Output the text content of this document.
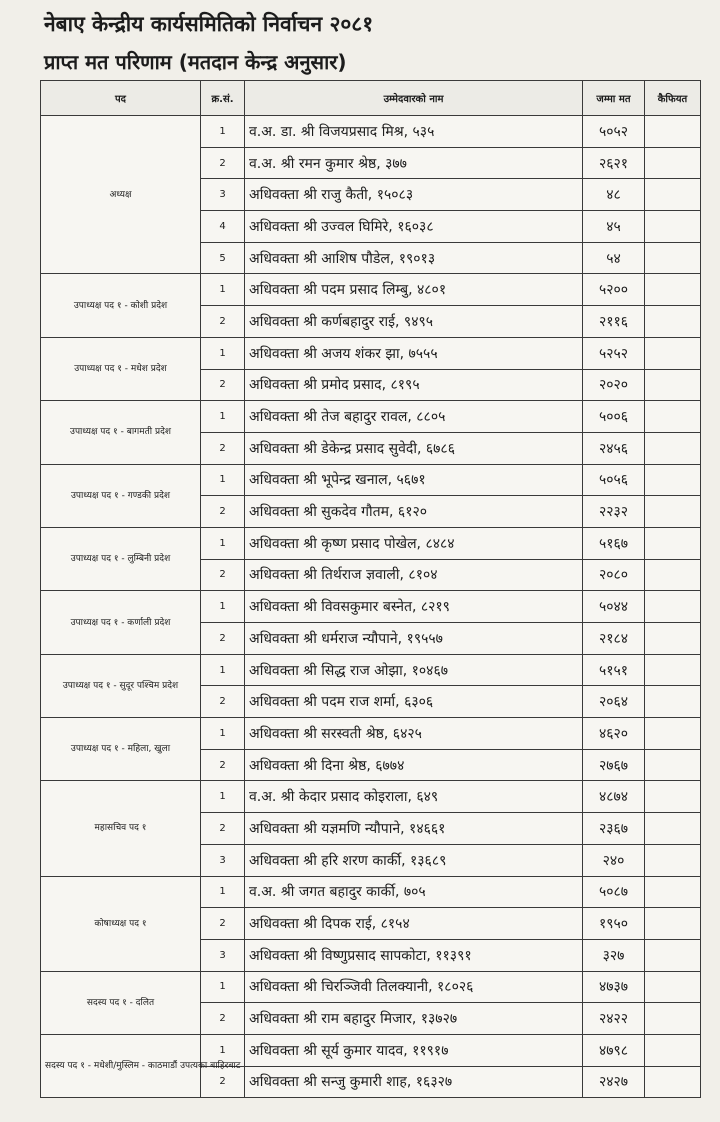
नेबाए केन्द्रीय कार्यसमितिको निर्वाचन २०८१
प्राप्त मत परिणाम (मतदान केन्द्र अनुसार)
पद	क्र.सं.	उम्मेदवारको नाम	जम्मा मत	कैफियत
अध्यक्ष	1	व.अ. डा. श्री विजयप्रसाद मिश्र, ५३५	५०५२	
	2	व.अ. श्री रमन कुमार श्रेष्ठ, ३७७	२६२१	
	3	अधिवक्ता श्री राजु कैती, १५०८३	४८	
	4	अधिवक्ता श्री उज्वल घिमिरे, १६०३८	४५	
	5	अधिवक्ता श्री आशिष पौडेल, १९०१३	५४	
उपाध्यक्ष पद १ - कोशी प्रदेश	1	अधिवक्ता श्री पदम प्रसाद लिम्बु, ४८०१	५२००	
	2	अधिवक्ता श्री कर्णबहादुर राई, ९४९५	२११६	
उपाध्यक्ष पद १ - मधेश प्रदेश	1	अधिवक्ता श्री अजय शंकर झा, ७५५५	५२५२	
	2	अधिवक्ता श्री प्रमोद प्रसाद, ८१९५	२०२०	
उपाध्यक्ष पद १ - बागमती प्रदेश	1	अधिवक्ता श्री तेज बहादुर रावल, ८८०५	५००६	
	2	अधिवक्ता श्री डेकेन्द्र प्रसाद सुवेदी, ६७८६	२४५६	
उपाध्यक्ष पद १ - गण्डकी प्रदेश	1	अधिवक्ता श्री भूपेन्द्र खनाल, ५६७१	५०५६	
	2	अधिवक्ता श्री सुकदेव गौतम, ६१२०	२२३२	
उपाध्यक्ष पद १ - लुम्बिनी प्रदेश	1	अधिवक्ता श्री कृष्ण प्रसाद पोखेल, ८४८४	५१६७	
	2	अधिवक्ता श्री तिर्थराज ज्ञवाली, ८१०४	२०८०	
उपाध्यक्ष पद १ - कर्णाली प्रदेश	1	अधिवक्ता श्री विवसकुमार बस्नेत, ८२१९	५०४४	
	2	अधिवक्ता श्री धर्मराज न्यौपाने, १९५५७	२१८४	
उपाध्यक्ष पद १ - सुदूर पश्चिम प्रदेश	1	अधिवक्ता श्री सिद्ध राज ओझा, १०४६७	५१५१	
	2	अधिवक्ता श्री पदम राज शर्मा, ६३०६	२०६४	
उपाध्यक्ष पद १ - महिला, खुला	1	अधिवक्ता श्री सरस्वती श्रेष्ठ, ६४२५	४६२०	
	2	अधिवक्ता श्री दिना श्रेष्ठ, ६७७४	२७६७	
महासचिव पद १	1	व.अ. श्री केदार प्रसाद कोइराला, ६४९	४८७४	
	2	अधिवक्ता श्री यज्ञमणि न्यौपाने, १४६६१	२३६७	
	3	अधिवक्ता श्री हरि शरण कार्की, १३६८९	२४०	
कोषाध्यक्ष पद १	1	व.अ. श्री जगत बहादुर कार्की, ७०५	५०८७	
	2	अधिवक्ता श्री दिपक राई, ८१५४	१९५०	
	3	अधिवक्ता श्री विष्णुप्रसाद सापकोटा, ११३९१	३२७	
सदस्य पद १ - दलित	1	अधिवक्ता श्री चिरञ्जिवी तिलक्यानी, १८०२६	४७३७	
	2	अधिवक्ता श्री राम बहादुर मिजार, १३७२७	२४२२	
सदस्य पद १ - मधेशी/मुस्लिम - काठमाडौं उपत्यका बाहिरबाट	1	अधिवक्ता श्री सूर्य कुमार यादव, ११९१७	४७९८	
	2	अधिवक्ता श्री सन्जु कुमारी शाह, १६३२७	२४२७	
